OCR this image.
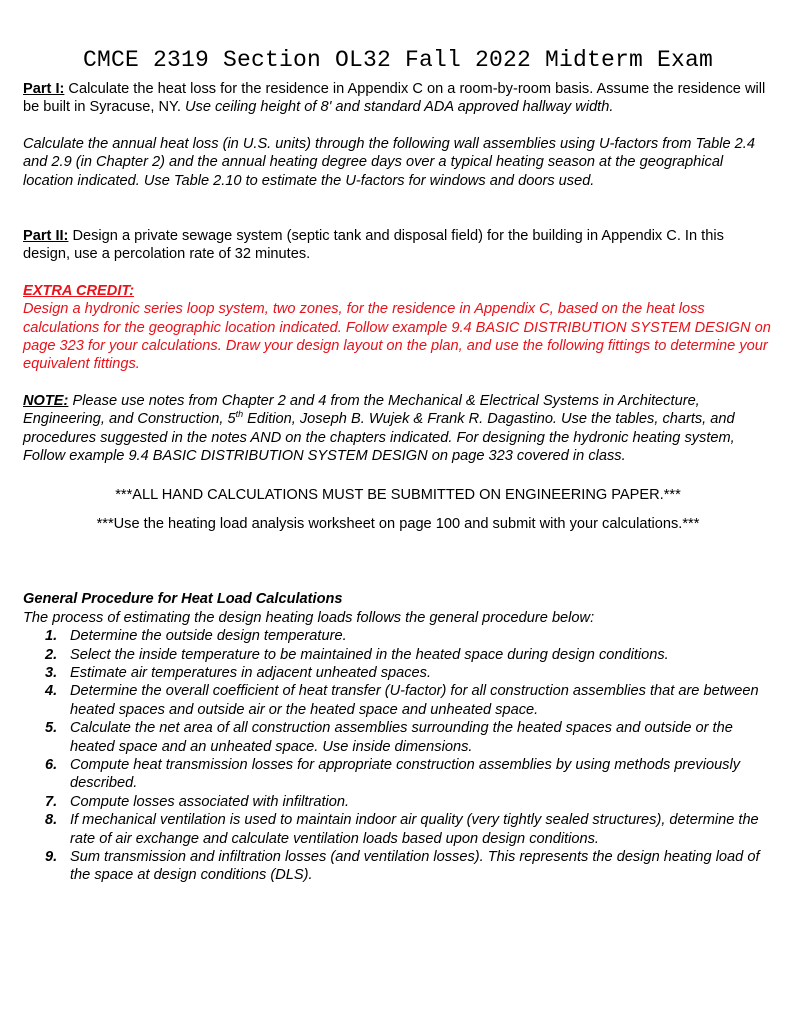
CMCE 2319 Section OL32 Fall 2022 Midterm Exam

Part I: Calculate the heat loss for the residence in Appendix C on a room-by-room basis. Assume the residence will be built in Syracuse, NY. Use ceiling height of 8' and standard ADA approved hallway width.

Calculate the annual heat loss (in U.S. units) through the following wall assemblies using U-factors from Table 2.4 and 2.9 (in Chapter 2) and the annual heating degree days over a typical heating season at the geographical location indicated. Use Table 2.10 to estimate the U-factors for windows and doors used.

Part II: Design a private sewage system (septic tank and disposal field) for the building in Appendix C. In this design, use a percolation rate of 32 minutes.

EXTRA CREDIT:
Design a hydronic series loop system, two zones, for the residence in Appendix C, based on the heat loss calculations for the geographic location indicated. Follow example 9.4 BASIC DISTRIBUTION SYSTEM DESIGN on page 323 for your calculations. Draw your design layout on the plan, and use the following fittings to determine your equivalent fittings.

NOTE: Please use notes from Chapter 2 and 4 from the Mechanical & Electrical Systems in Architecture, Engineering, and Construction, 5th Edition, Joseph B. Wujek & Frank R. Dagastino. Use the tables, charts, and procedures suggested in the notes AND on the chapters indicated. For designing the hydronic heating system, Follow example 9.4 BASIC DISTRIBUTION SYSTEM DESIGN on page 323 covered in class.

***ALL HAND CALCULATIONS MUST BE SUBMITTED ON ENGINEERING PAPER.***

***Use the heating load analysis worksheet on page 100 and submit with your calculations.***

General Procedure for Heat Load Calculations

The process of estimating the design heating loads follows the general procedure below:

1. Determine the outside design temperature.
2. Select the inside temperature to be maintained in the heated space during design conditions.
3. Estimate air temperatures in adjacent unheated spaces.
4. Determine the overall coefficient of heat transfer (U-factor) for all construction assemblies that are between heated spaces and outside air or the heated space and unheated space.
5. Calculate the net area of all construction assemblies surrounding the heated spaces and outside or the heated space and an unheated space. Use inside dimensions.
6. Compute heat transmission losses for appropriate construction assemblies by using methods previously described.
7. Compute losses associated with infiltration.
8. If mechanical ventilation is used to maintain indoor air quality (very tightly sealed structures), determine the rate of air exchange and calculate ventilation loads based upon design conditions.
9. Sum transmission and infiltration losses (and ventilation losses). This represents the design heating load of the space at design conditions (DLS).
